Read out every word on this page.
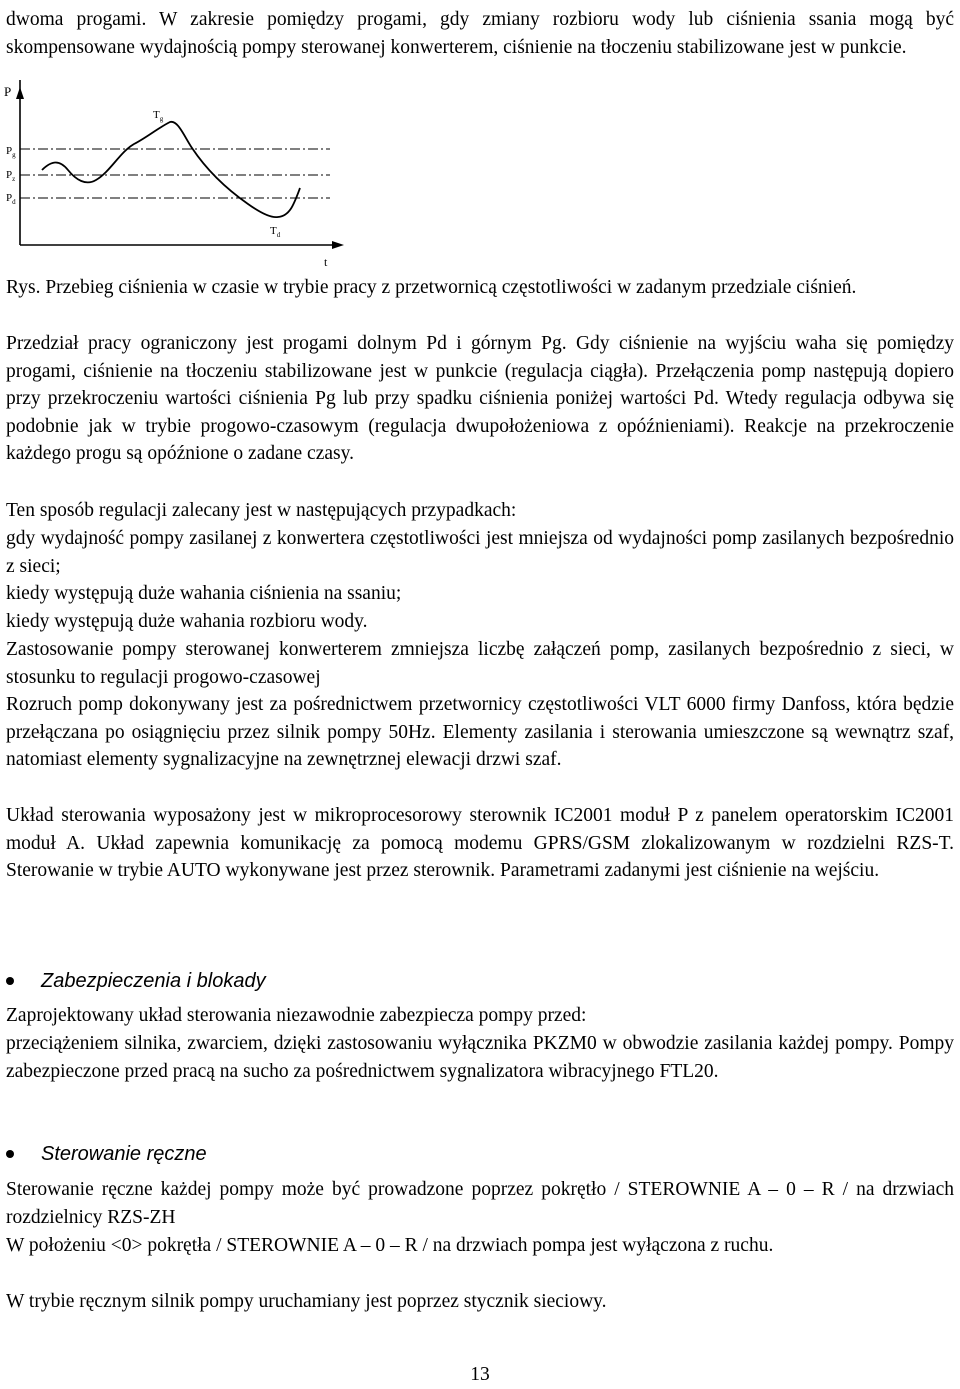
dwoma progami. W zakresie pomiędzy progami, gdy zmiany rozbioru wody lub ciśnienia ssania mogą być skompensowane wydajnością pompy sterowanej konwerterem, ciśnienie na tłoczeniu stabilizowane jest w punkcie.

$P_g$
$P_z$
$P_d$
$T_g$
$T_d$
P
t

Rys. Przebieg ciśnienia w czasie w trybie pracy z przetwornicą częstotliwości w zadanym przedziale ciśnień.

Przedział pracy ograniczony jest progami dolnym Pd i górnym Pg. Gdy ciśnienie na wyjściu waha się pomiędzy progami, ciśnienie na tłoczeniu stabilizowane jest w punkcie (regulacja ciągła). Przełączenia pomp następują dopiero przy przekroczeniu wartości ciśnienia Pg lub przy spadku ciśnienia poniżej wartości Pd. Wtedy regulacja odbywa się podobnie jak w trybie progowo-czasowym (regulacja dwupołożeniowa z opóźnieniami). Reakcje na przekroczenie każdego progu są opóźnione o zadane czasy.

Ten sposób regulacji zalecany jest w następujących przypadkach:

gdy wydajność pompy zasilanej z konwertera częstotliwości jest mniejsza od wydajności pomp zasilanych bezpośrednio z sieci;

kiedy występują duże wahania ciśnienia na ssaniu;

kiedy występują duże wahania rozbioru wody.

Zastosowanie pompy sterowanej konwerterem zmniejsza liczbę załączeń pomp, zasilanych bezpośrednio z sieci, w stosunku to regulacji progowo-czasowej

Rozruch pomp dokonywany jest za pośrednictwem przetwornicy częstotliwości VLT 6000 firmy Danfoss, która będzie przełączana po osiągnięciu przez silnik pompy 50Hz. Elementy zasilania i sterowania umieszczone są wewnątrz szaf, natomiast elementy sygnalizacyjne na zewnętrznej elewacji drzwi szaf.

Układ sterowania wyposażony jest w mikroprocesorowy sterownik IC2001 moduł P z panelem operatorskim IC2001 moduł A. Układ zapewnia komunikację za pomocą modemu GPRS/GSM zlokalizowanym w rozdzielni RZS-T. Sterowanie w trybie AUTO wykonywane jest przez sterownik. Parametrami zadanymi jest ciśnienie na wejściu.

Zabezpieczenia i blokady

Zaprojektowany układ sterowania niezawodnie zabezpiecza pompy przed:

przeciążeniem silnika, zwarciem, dzięki zastosowaniu wyłącznika PKZM0 w obwodzie zasilania każdej pompy. Pompy zabezpieczone przed pracą na sucho za pośrednictwem sygnalizatora wibracyjnego FTL20.

Sterowanie ręczne

Sterowanie ręczne każdej pompy może być prowadzone poprzez pokrętło / STEROWNIE A – 0 – R / na drzwiach rozdzielnicy RZS-ZH

W położeniu <0> pokrętła / STEROWNIE A – 0 – R / na drzwiach pompa jest wyłączona z ruchu.

W trybie ręcznym silnik pompy uruchamiany jest poprzez stycznik sieciowy.

13
